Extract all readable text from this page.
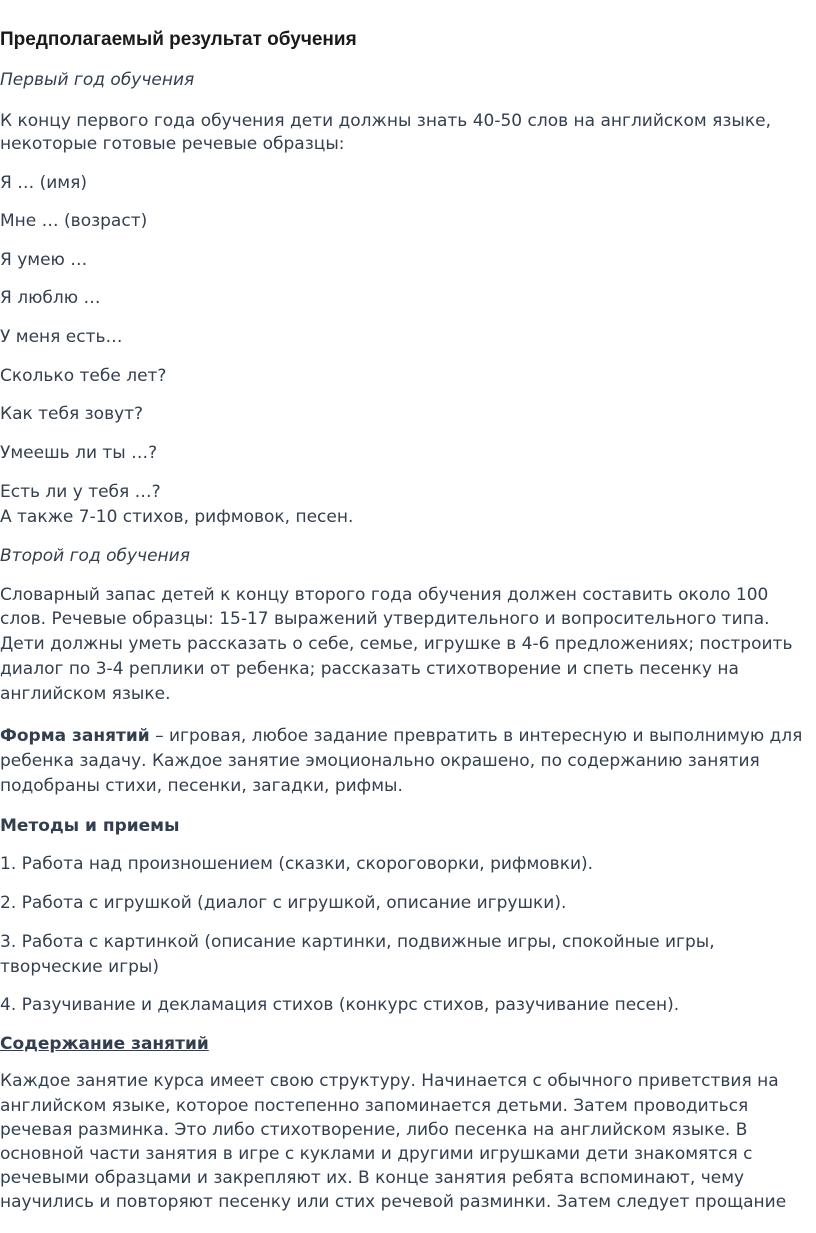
Предполагаемый результат обучения
Первый год обучения
К концу первого года обучения дети должны знать 40-50 слов на английском языке,
некоторые готовые речевые образцы:
Я … (имя)
Мне … (возраст)
Я умею …
Я люблю …
У меня есть…
Сколько тебе лет?
Как тебя зовут?
Умеешь ли ты …?
Есть ли у тебя …?
А также 7-10 стихов, рифмовок, песен.
Второй год обучения
Словарный запас детей к концу второго года обучения должен составить около 100
слов. Речевые образцы: 15-17 выражений утвердительного и вопросительного типа.
Дети должны уметь рассказать о себе, семье, игрушке в 4-6 предложениях; построить
диалог по 3-4 реплики от ребенка; рассказать стихотворение и спеть песенку на
английском языке.
Форма занятий – игровая, любое задание превратить в интересную и выполнимую для
ребенка задачу. Каждое занятие эмоционально окрашено, по содержанию занятия
подобраны стихи, песенки, загадки, рифмы.
Методы и приемы
1. Работа над произношением (сказки, скороговорки, рифмовки).
2. Работа с игрушкой (диалог с игрушкой, описание игрушки).
3. Работа с картинкой (описание картинки, подвижные игры, спокойные игры,
творческие игры)
4. Разучивание и декламация стихов (конкурс стихов, разучивание песен).
Содержание занятий
Каждое занятие курса имеет свою структуру. Начинается с обычного приветствия на
английском языке, которое постепенно запоминается детьми. Затем проводиться
речевая разминка. Это либо стихотворение, либо песенка на английском языке. В
основной части занятия в игре с куклами и другими игрушками дети знакомятся с
речевыми образцами и закрепляют их. В конце занятия ребята вспоминают, чему
научились и повторяют песенку или стих речевой разминки. Затем следует прощание
